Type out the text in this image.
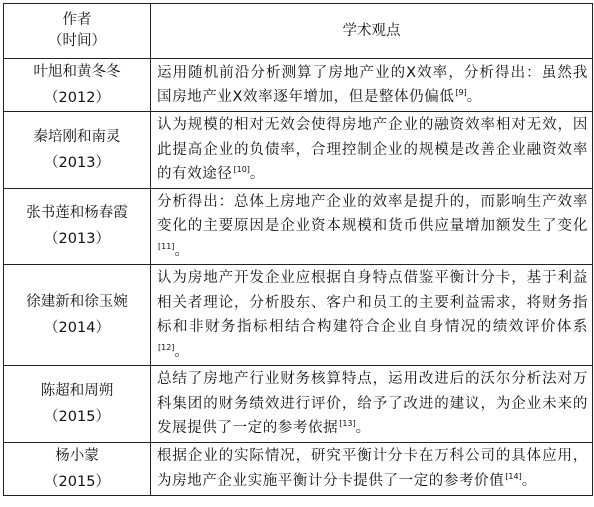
作者
（时间）	学术观点
叶旭和黄冬冬
（2012）	运用随机前沿分析测算了房地产业的X效率，分析得出：虽然我国房地产业X效率逐年增加，但是整体仍偏低[9]。
秦培刚和南灵
（2013）	认为规模的相对无效会使得房地产企业的融资效率相对无效，因此提高企业的负债率，合理控制企业的规模是改善企业融资效率的有效途径[10]。
张书莲和杨春霞
（2013）	分析得出：总体上房地产企业的效率是提升的，而影响生产效率变化的主要原因是企业资本规模和货币供应量增加额发生了变化[11]。
徐建新和徐玉婉
（2014）	认为房地产开发企业应根据自身特点借鉴平衡计分卡，基于利益相关者理论，分析股东、客户和员工的主要利益需求，将财务指标和非财务指标相结合构建符合企业自身情况的绩效评价体系[12]。
陈超和周朔
（2015）	总结了房地产行业财务核算特点，运用改进后的沃尔分析法对万科集团的财务绩效进行评价，给予了改进的建议，为企业未来的发展提供了一定的参考依据[13]。
杨小蒙
（2015）	根据企业的实际情况，研究平衡计分卡在万科公司的具体应用，为房地产企业实施平衡计分卡提供了一定的参考价值[14]。
